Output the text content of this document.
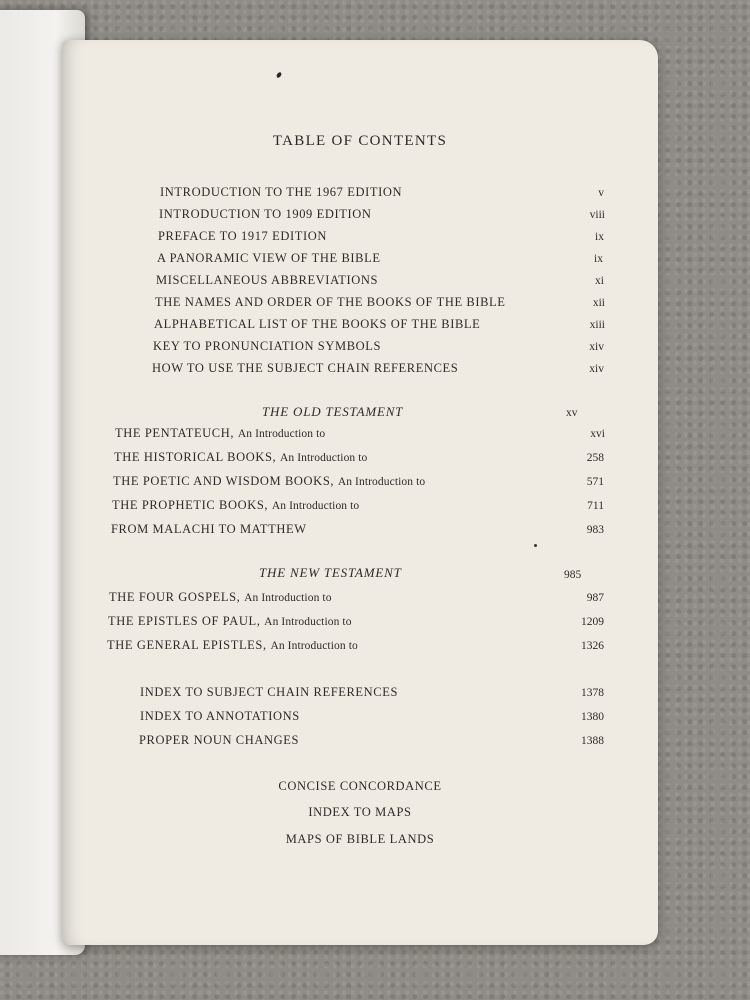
TABLE OF CONTENTS
INTRODUCTION TO THE 1967 EDITION	v
INTRODUCTION TO 1909 EDITION	viii
PREFACE TO 1917 EDITION	ix
A PANORAMIC VIEW OF THE BIBLE	ix
MISCELLANEOUS ABBREVIATIONS	xi
THE NAMES AND ORDER OF THE BOOKS OF THE BIBLE	xii
ALPHABETICAL LIST OF THE BOOKS OF THE BIBLE	xiii
KEY TO PRONUNCIATION SYMBOLS	xiv
HOW TO USE THE SUBJECT CHAIN REFERENCES	xiv
THE OLD TESTAMENT	xv
THE PENTATEUCH, An Introduction to	xvi
THE HISTORICAL BOOKS, An Introduction to	258
THE POETIC AND WISDOM BOOKS, An Introduction to	571
THE PROPHETIC BOOKS, An Introduction to	711
FROM MALACHI TO MATTHEW	983
THE NEW TESTAMENT	985
THE FOUR GOSPELS, An Introduction to	987
THE EPISTLES OF PAUL, An Introduction to	1209
THE GENERAL EPISTLES, An Introduction to	1326
INDEX TO SUBJECT CHAIN REFERENCES	1378
INDEX TO ANNOTATIONS	1380
PROPER NOUN CHANGES	1388
CONCISE CONCORDANCE
INDEX TO MAPS
MAPS OF BIBLE LANDS
